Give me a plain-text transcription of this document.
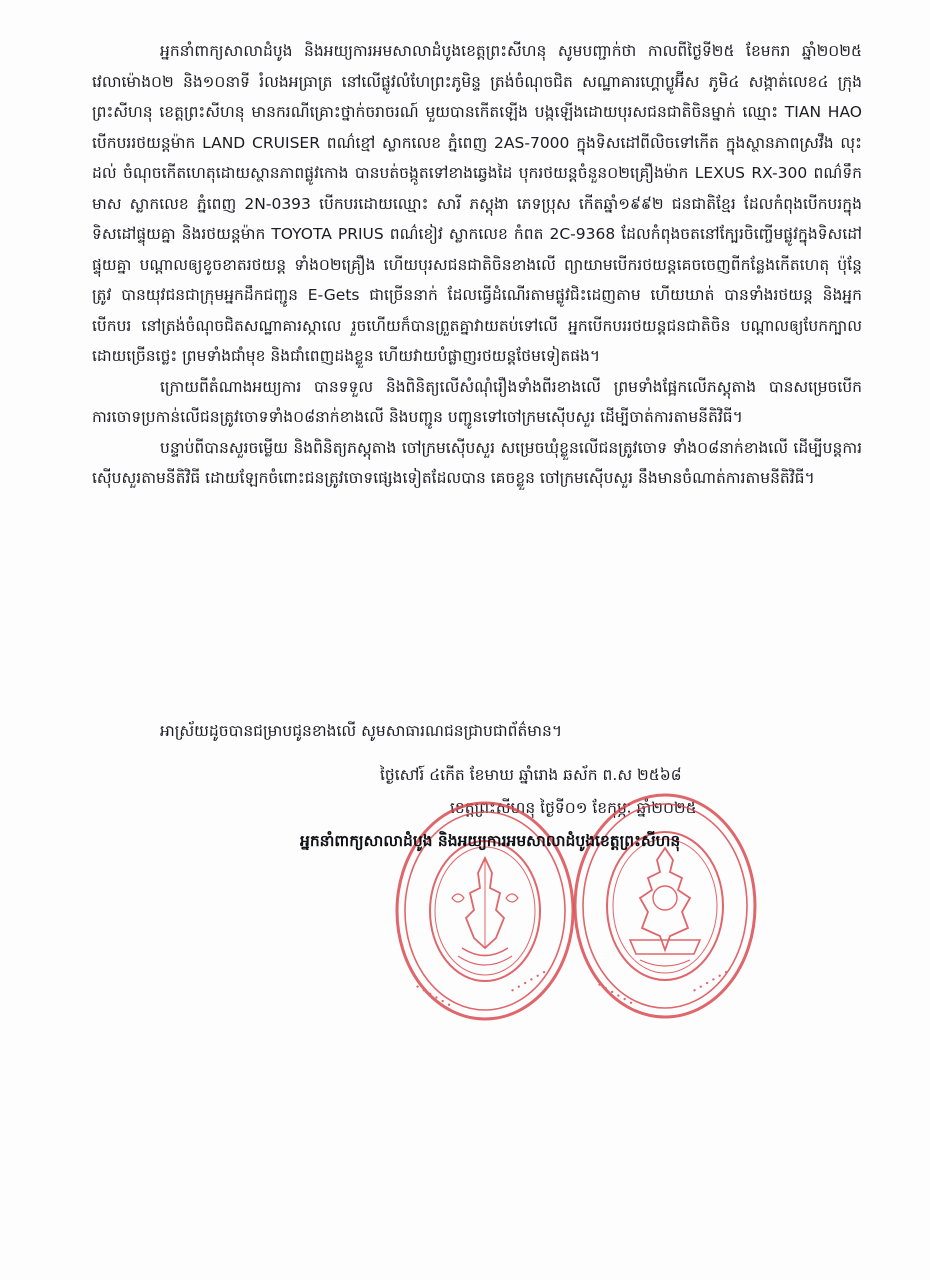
អ្នកនាំពាក្យសាលាដំបូង និងអយ្យការអមសាលាដំបូងខេត្តព្រះសីហនុ សូមបញ្ជាក់ថា កាលពីថ្ងៃទី២៥ ខែមករា ឆ្នាំ២០២៥ វេលាម៉ោង០២ និង១០នាទី រំលងអធ្រាត្រ នៅលើផ្លូវលំហែព្រះភូមិន្ទ ត្រង់ចំណុចជិត សណ្ឋាគារហ្គោប្លូអ៊ីស ភូមិ៤ សង្កាត់លេខ៤ ក្រុងព្រះសីហនុ ខេត្តព្រះសីហនុ មានករណីគ្រោះថ្នាក់ចរាចរណ៍ មួយបានកើតឡើង បង្កឡើងដោយបុរសជនជាតិចិនម្នាក់ ឈ្មោះ TIAN HAO បើកបររថយន្តម៉ាក LAND CRUISER ពណ៌ខ្មៅ ស្លាកលេខ ភ្នំពេញ 2AS-7000 ក្នុងទិសដៅពីលិចទៅកើត ក្នុងស្ថានភាពស្រវឹង លុះដល់ ចំណុចកើតហេតុដោយស្ថានភាពផ្លូវកោង បានបត់ចង្កូតទៅខាងឆ្វេងដៃ បុករថយន្តចំនួន០២គ្រឿងម៉ាក LEXUS RX-300 ពណ៌ទឹកមាស ស្លាកលេខ ភ្នំពេញ 2N-0393 បើកបរដោយឈ្មោះ សារី ភស្តុងា ភេទប្រុស កើតឆ្នាំ១៩៩២ ជនជាតិខ្មែរ ដែលកំពុងបើកបរក្នុងទិសដៅផ្ទុយគ្នា និងរថយន្តម៉ាក TOYOTA PRIUS ពណ៌ខៀវ ស្លាកលេខ កំពត 2C-9368 ដែលកំពុងចតនៅក្បែរចិញ្ចើមផ្លូវក្នុងទិសដៅផ្ទុយគ្នា បណ្តាលឲ្យខូចខាតរថយន្ត ទាំង០២គ្រឿង ហើយបុរសជនជាតិចិនខាងលើ ព្យាយាមបើករថយន្តគេចចេញពីកន្លែងកើតហេតុ ប៉ុន្តែត្រូវ បានយុវជនជាក្រុមអ្នកដឹកជញ្ជូន E-Gets ជាច្រើននាក់ ដែលធ្វើដំណើរតាមផ្លូវជិះដេញតាម ហើយឃាត់ បានទាំងរថយន្ត និងអ្នកបើកបរ នៅត្រង់ចំណុចជិតសណ្ឋាគារស្កាលេ រួចហើយក៏បានព្រួតគ្នាវាយតប់ទៅលើ អ្នកបើកបររថយន្តជនជាតិចិន បណ្តាលឲ្យបែកក្បាលដោយច្រើនថ្លេះ ព្រមទាំងជាំមុខ និងជាំពេញដងខ្លួន ហើយវាយបំផ្លាញរថយន្តថែមទៀតផង។

ក្រោយពីតំណាងអយ្យការ បានទទួល និងពិនិត្យលើសំណុំរឿងទាំងពីរខាងលើ ព្រមទាំងផ្អែកលើភស្តុតាង បានសម្រេចបើកការចោទប្រកាន់លើជនត្រូវចោទទាំង០៨នាក់ខាងលើ និងបញ្ជូន បញ្ជូនទៅចៅក្រមស៊ើបសួរ ដើម្បីចាត់ការតាមនីតិវិធី។

បន្ទាប់ពីបានសួរចម្លើយ និងពិនិត្យភស្តុតាង ចៅក្រមស៊ើបសួរ សម្រេចឃុំខ្លួនលើជនត្រូវចោទ ទាំង០៨នាក់ខាងលើ ដើម្បីបន្តការស៊ើបសួរតាមនីតិវិធី ដោយឡែកចំពោះជនត្រូវចោទផ្សេងទៀតដែលបាន គេចខ្លួន ចៅក្រមស៊ើបសួរ នឹងមានចំណាត់ការតាមនីតិវិធី។

អាស្រ័យដូចបានជម្រាបជូនខាងលើ សូមសាធារណជនជ្រាបជាព័ត៌មាន។
ថ្ងៃសៅរ៍ ៤កើត ខែមាឃ ឆ្នាំរោង ឆស័ក ព.ស ២៥៦៨
ខេត្តព្រះសីហនុ ថ្ងៃទី០១ ខែកុម្ភៈ ឆ្នាំ២០២៥
• • • • • •
• • • • • •	• • • • • •	• • • • • •
អ្នកនាំពាក្យសាលាដំបូង និងអយ្យការអមសាលាដំបូងខេត្តព្រះសីហនុ
